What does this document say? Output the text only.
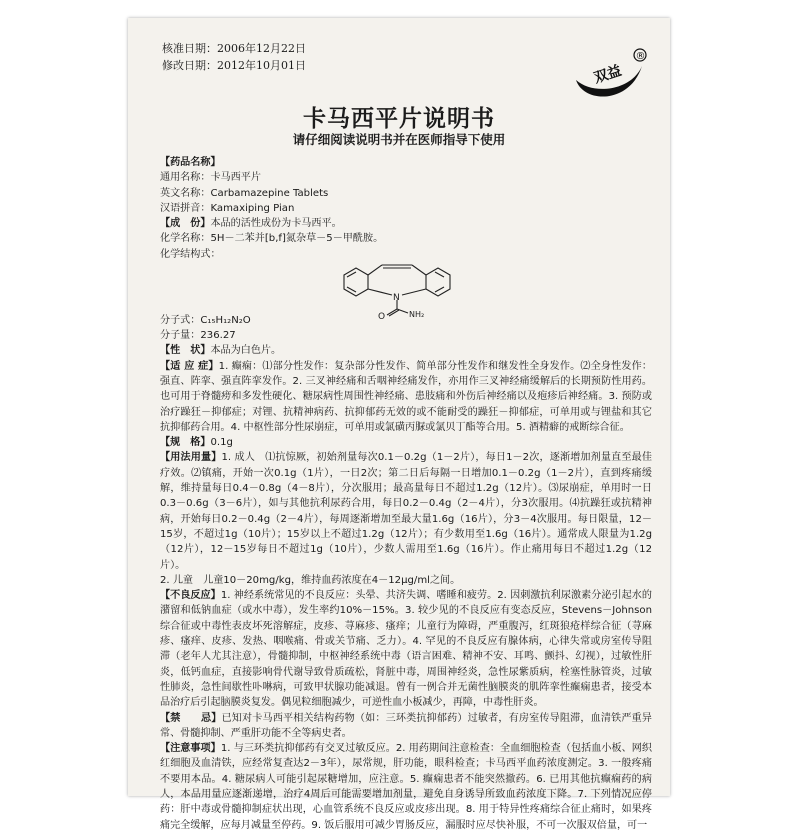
核准日期：2006年12月22日
修改日期：2012年10月01日	双益
®
卡马西平片说明书
请仔细阅读说明书并在医师指导下使用
【药品名称】
通用名称：卡马西平片
英文名称：Carbamazepine Tablets
汉语拼音：Kamaxiping Pian
【成　份】本品的活性成份为卡马西平。
化学名称：5H－二苯并[b,f]氮杂草－5－甲酰胺。
化学结构式：
N
O	NH₂
分子式：C₁₅H₁₂N₂O
分子量：236.27
【性　状】本品为白色片。

【适 应 症】1. 癫痫：⑴部分性发作：复杂部分性发作、简单部分性发作和继发性全身发作。⑵全身性发作：强直、阵挛、强直阵挛发作。2. 三叉神经痛和舌咽神经痛发作，亦用作三叉神经痛缓解后的长期预防性用药。也可用于脊髓痨和多发性硬化、糖尿病性周围性神经痛、患肢痛和外伤后神经痛以及疱疹后神经痛。3. 预防或治疗躁狂－抑郁症；对锂、抗精神病药、抗抑郁药无效的或不能耐受的躁狂－抑郁症，可单用或与锂盐和其它抗抑郁药合用。4. 中枢性部分性尿崩症，可单用或氯磺丙脲或氯贝丁酯等合用。5. 酒精癖的戒断综合征。

【规　格】0.1g

【用法用量】1. 成人　⑴抗惊厥，初始剂量每次0.1－0.2g（1－2片），每日1－2次，逐渐增加剂量直至最佳疗效。⑵镇痛，开始一次0.1g（1片），一日2次；第二日后每隔一日增加0.1－0.2g（1－2片），直到疼痛缓解，维持量每日0.4－0.8g（4－8片），分次服用；最高量每日不超过1.2g（12片）。⑶尿崩症，单用时一日0.3－0.6g（3－6片），如与其他抗利尿药合用，每日0.2－0.4g（2－4片），分3次服用。⑷抗躁狂或抗精神病，开始每日0.2－0.4g（2－4片），每周逐渐增加至最大量1.6g（16片），分3－4次服用。每日限量，12－15岁，不超过1g（10片）；15岁以上不超过1.2g（12片）；有少数用至1.6g（16片）。通常成人限量为1.2g（12片），12－15岁每日不超过1g（10片），少数人需用至1.6g（16片）。作止痛用每日不超过1.2g（12片）。

2. 儿童　儿童10－20mg/kg，维持血药浓度在4－12μg/ml之间。

【不良反应】1. 神经系统常见的不良反应：头晕、共济失调、嗜睡和疲劳。2. 因刺激抗利尿激素分泌引起水的潴留和低钠血症（或水中毒），发生率约10%－15%。3. 较少见的不良反应有变态反应，Stevens－Johnson综合征或中毒性表皮坏死溶解症，皮疹、荨麻疹、瘙痒；儿童行为障碍，严重腹泻，红斑狼疮样综合征（荨麻疹、瘙痒、皮疹、发热、咽喉痛、骨或关节痛、乏力）。4. 罕见的不良反应有腺体病，心律失常或房室传导阻滞（老年人尤其注意），骨髓抑制，中枢神经系统中毒（语言困难、精神不安、耳鸣、颤抖、幻视），过敏性肝炎，低钙血症，直接影响骨代谢导致骨质疏松，肾脏中毒，周围神经炎，急性尿紫质病，栓塞性脉管炎，过敏性肺炎，急性间歇性卟啉病，可致甲状腺功能减退。曾有一例合并无菌性脑膜炎的肌阵挛性癫痫患者，接受本品治疗后引起脑膜炎复发。偶见粒细胞减少，可逆性血小板减少，再障，中毒性肝炎。

【禁　　忌】已知对卡马西平相关结构药物（如：三环类抗抑郁药）过敏者，有房室传导阻滞，血清铁严重异常、骨髓抑制、严重肝功能不全等病史者。

【注意事项】1. 与三环类抗抑郁药有交叉过敏反应。2. 用药期间注意检查：全血细胞检查（包括血小板、网织红细胞及血清铁，应经常复查达2－3年），尿常规，肝功能，眼科检查；卡马西平血药浓度测定。3. 一般疼痛不要用本品。4. 糖尿病人可能引起尿糖增加，应注意。5. 癫痫患者不能突然撤药。6. 已用其他抗癫痫药的病人，本品用量应逐渐递增，治疗4周后可能需要增加剂量，避免自身诱导所致血药浓度下降。7. 下列情况应停药：肝中毒或骨髓抑制症状出现，心血管系统不良反应或皮疹出现。8. 用于特异性疼痛综合征止痛时，如果疼痛完全缓解，应每月减量至停药。9. 饭后服用可减少胃肠反应，漏服时应尽快补服，不可一次服双倍量，可一
